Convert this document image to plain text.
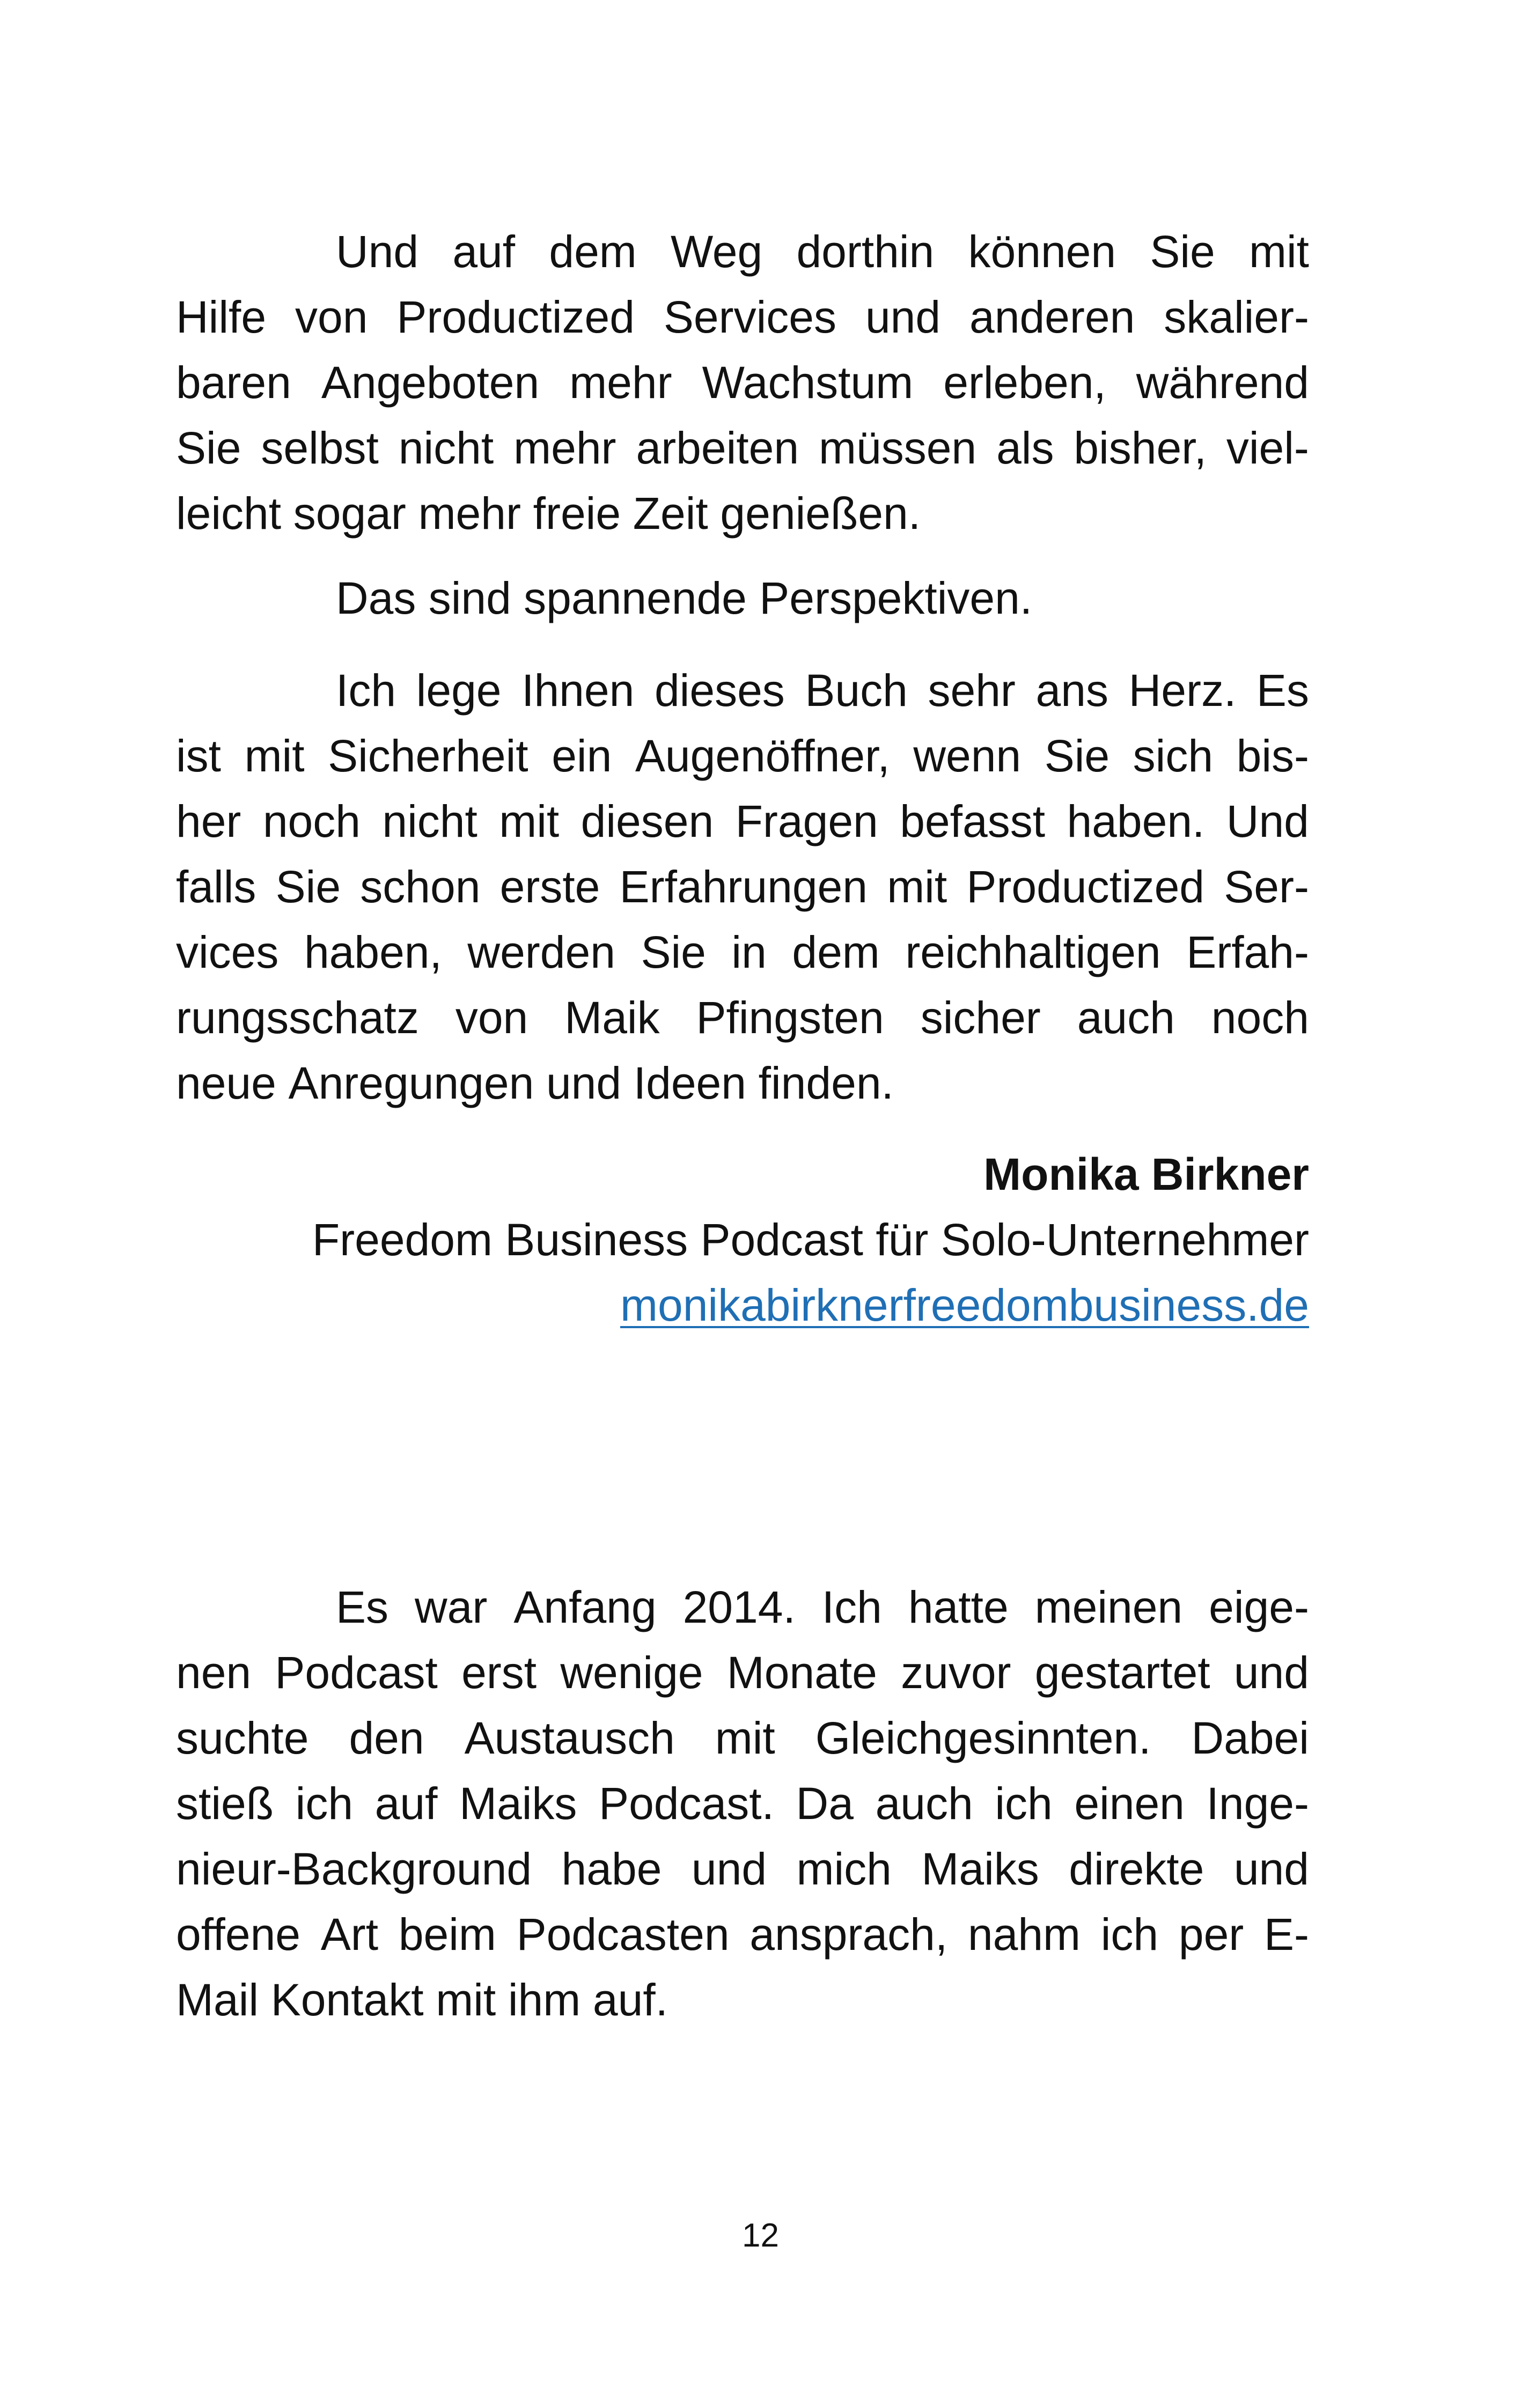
Und auf dem Weg dorthin können Sie mit
Hilfe von Productized Services und anderen skalier-
baren Angeboten mehr Wachstum erleben, während
Sie selbst nicht mehr arbeiten müssen als bisher, viel-
leicht sogar mehr freie Zeit genießen.
Das sind spannende Perspektiven.
Ich lege Ihnen dieses Buch sehr ans Herz. Es
ist mit Sicherheit ein Augenöffner, wenn Sie sich bis-
her noch nicht mit diesen Fragen befasst haben. Und
falls Sie schon erste Erfahrungen mit Productized Ser-
vices haben, werden Sie in dem reichhaltigen Erfah-
rungsschatz von Maik Pfingsten sicher auch noch
neue Anregungen und Ideen finden.
Monika Birkner
Freedom Business Podcast für Solo-Unternehmer
monikabirknerfreedombusiness.de
Es war Anfang 2014. Ich hatte meinen eige-
nen Podcast erst wenige Monate zuvor gestartet und
suchte den Austausch mit Gleichgesinnten. Dabei
stieß ich auf Maiks Podcast. Da auch ich einen Inge-
nieur-Background habe und mich Maiks direkte und
offene Art beim Podcasten ansprach, nahm ich per E-
Mail Kontakt mit ihm auf.
12
